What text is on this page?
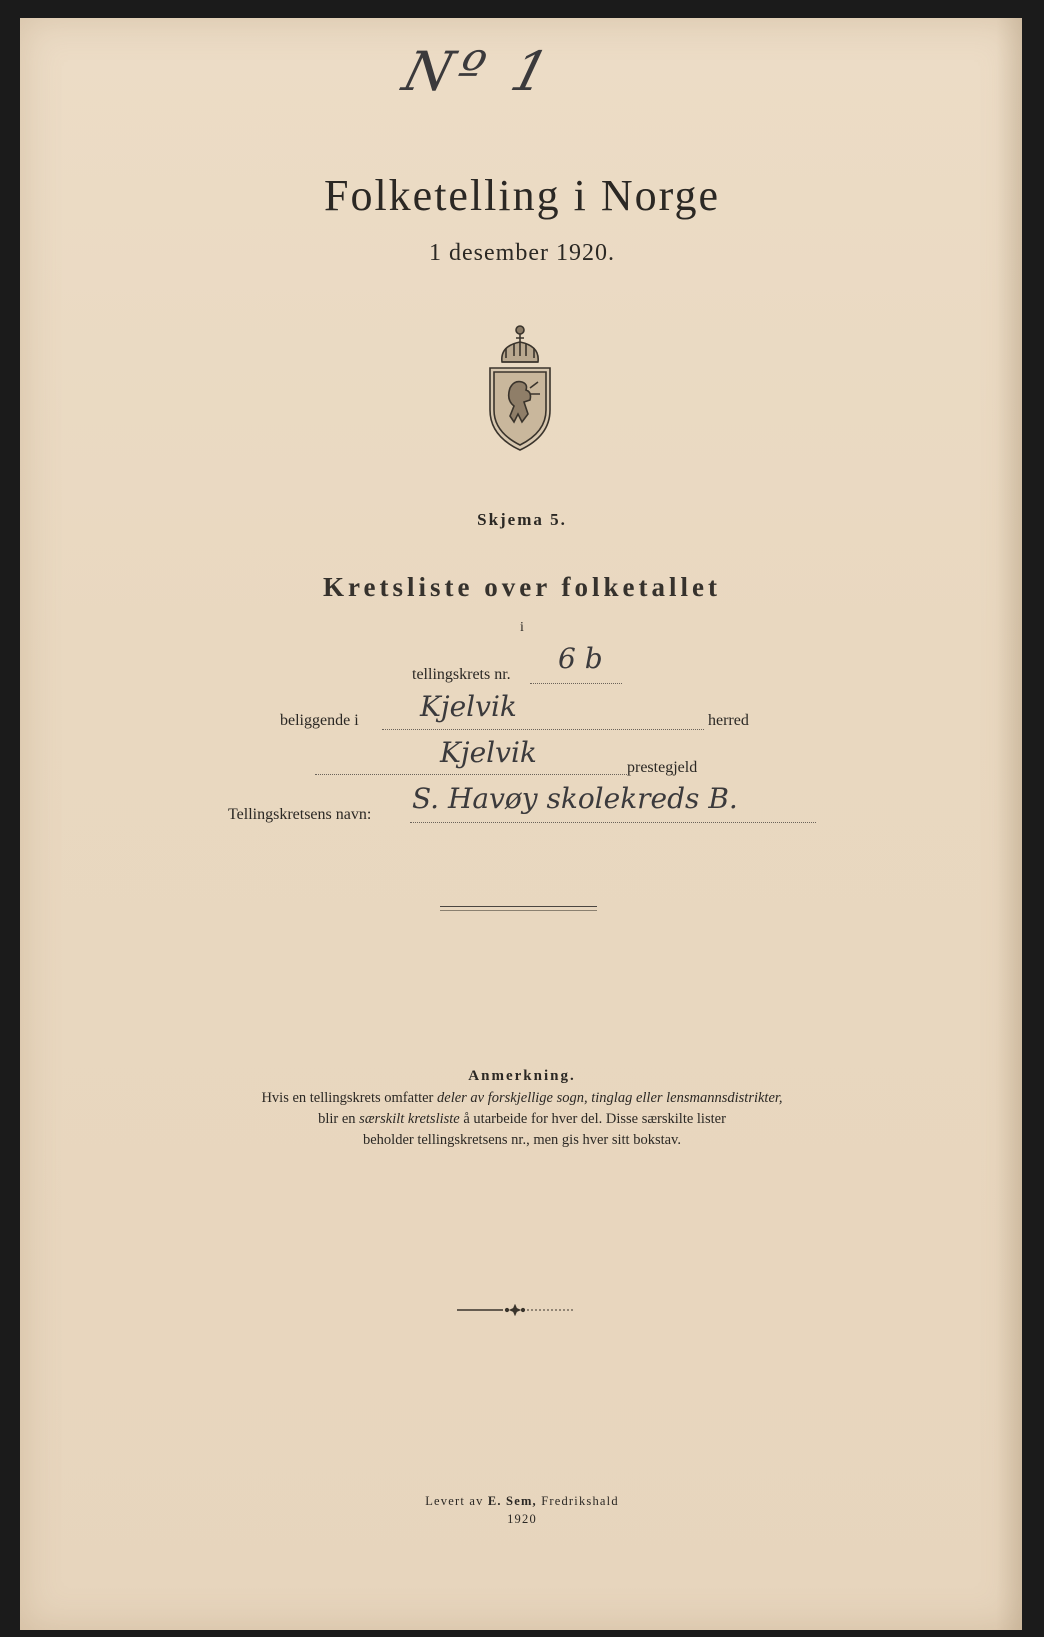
Nº 1
Folketelling i Norge
1 desember 1920.
Skjema 5.
Kretsliste over folketallet
i
tellingskrets nr. 6 b
beliggende i Kjelvik	herred
Kjelvik	prestegjeld
Tellingskretsens navn: S. Havøy skolekreds B.
Anmerkning.
Hvis en tellingskrets omfatter deler av forskjellige sogn, tinglag eller lensmannsdistrikter,
blir en særskilt kretsliste å utarbeide for hver del. Disse særskilte lister
beholder tellingskretsens nr., men gis hver sitt bokstav.
Levert av E. Sem, Fredrikshald
1920
